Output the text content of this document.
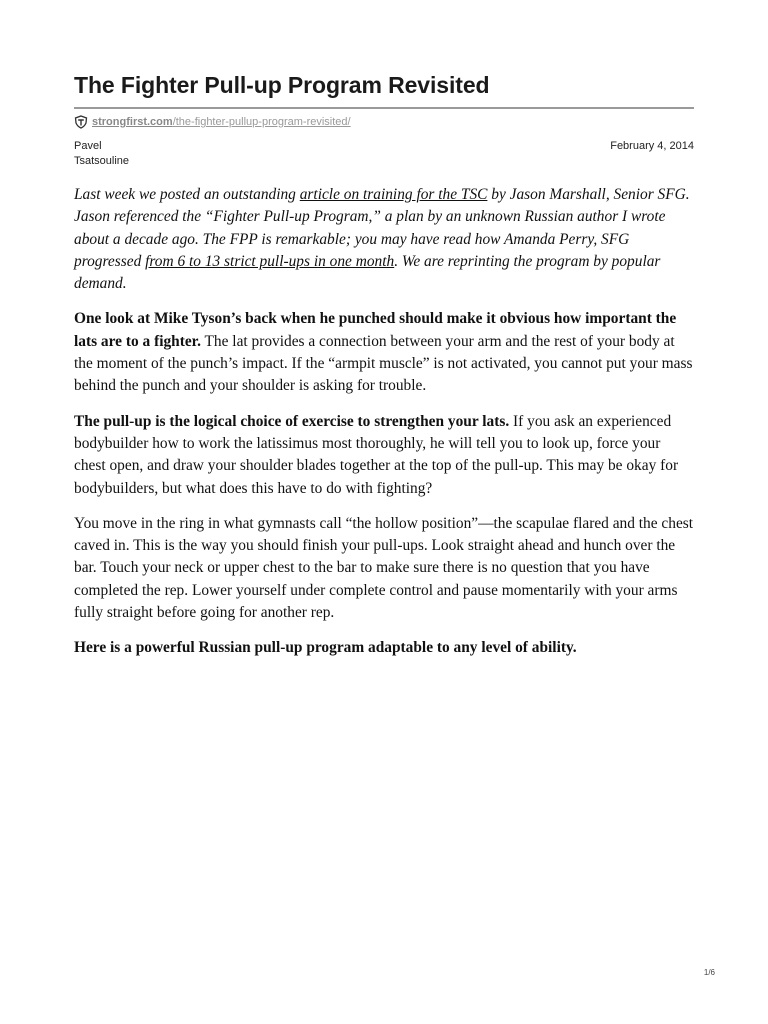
The Fighter Pull-up Program Revisited
strongfirst.com /the-fighter-pullup-program-revisited/
Pavel
Tsatsouline
February 4, 2014

Last week we posted an outstanding article on training for the TSC by Jason Marshall, Senior SFG. Jason referenced the “Fighter Pull-up Program,” a plan by an unknown Russian author I wrote about a decade ago. The FPP is remarkable; you may have read how Amanda Perry, SFG progressed from 6 to 13 strict pull-ups in one month. We are reprinting the program by popular demand.

One look at Mike Tyson’s back when he punched should make it obvious how important the lats are to a fighter. The lat provides a connection between your arm and the rest of your body at the moment of the punch’s impact. If the “armpit muscle” is not activated, you cannot put your mass behind the punch and your shoulder is asking for trouble.

The pull-up is the logical choice of exercise to strengthen your lats. If you ask an experienced bodybuilder how to work the latissimus most thoroughly, he will tell you to look up, force your chest open, and draw your shoulder blades together at the top of the pull-up. This may be okay for bodybuilders, but what does this have to do with fighting?

You move in the ring in what gymnasts call “the hollow position”—the scapulae flared and the chest caved in. This is the way you should finish your pull-ups. Look straight ahead and hunch over the bar. Touch your neck or upper chest to the bar to make sure there is no question that you have completed the rep. Lower yourself under complete control and pause momentarily with your arms fully straight before going for another rep.

Here is a powerful Russian pull-up program adaptable to any level of ability.

1/6
